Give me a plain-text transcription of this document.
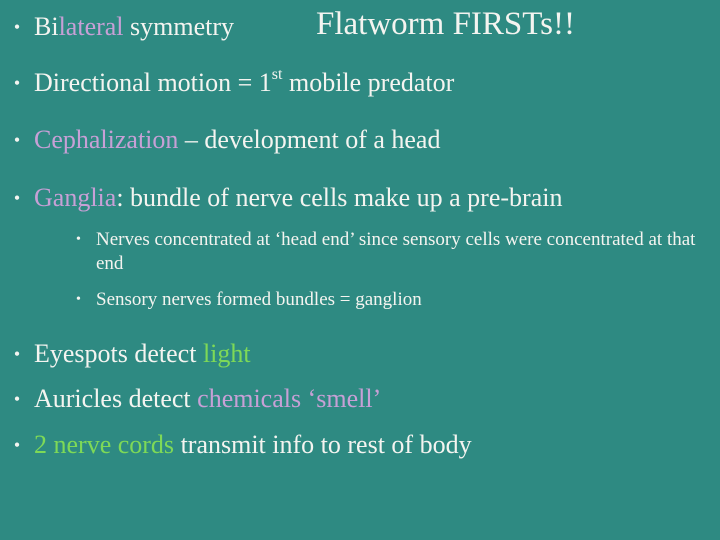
Flatworm FIRSTs!!
• Bilateral symmetry
• Directional motion = 1st mobile predator
• Cephalization – development of a head
• Ganglia: bundle of nerve cells make up a pre-brain
• Nerves concentrated at ‘head end’ since sensory cells were concentrated at that end
• Sensory nerves formed bundles = ganglion
• Eyespots detect light
• Auricles detect chemicals ‘smell’
• 2 nerve cords transmit info to rest of body
